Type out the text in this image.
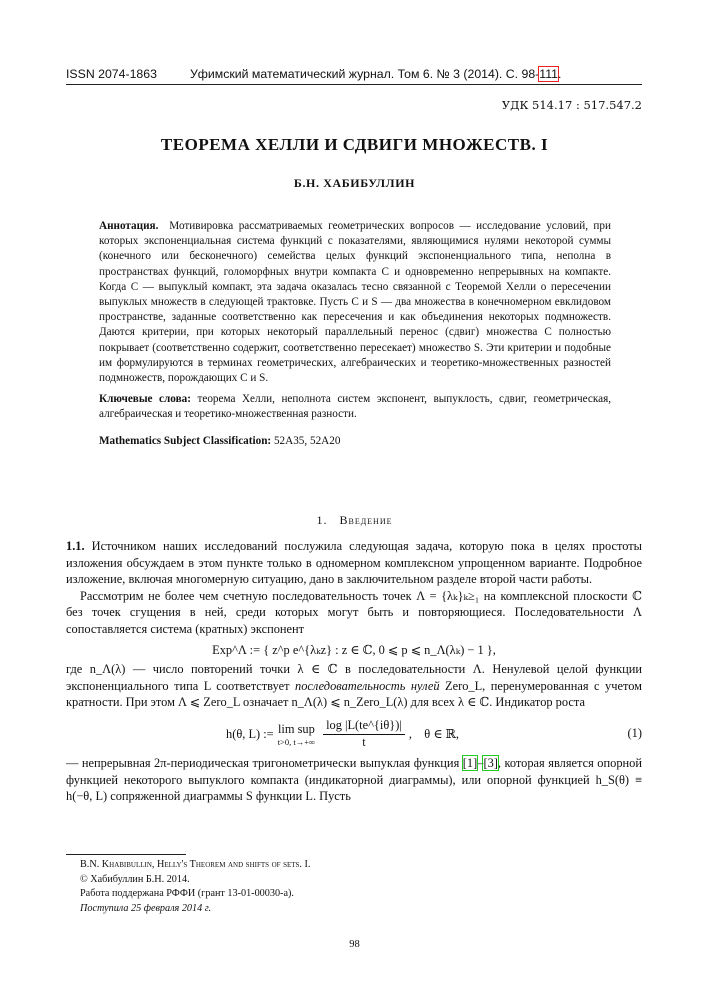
ISSN 2074-1863	Уфимский математический журнал. Том 6. № 3 (2014). С. 98-111.
УДК 514.17 : 517.547.2
ТЕОРЕМА ХЕЛЛИ И СДВИГИ МНОЖЕСТВ. I
Б.Н. ХАБИБУЛЛИН

Аннотация. Мотивировка рассматриваемых геометрических вопросов — исследование условий, при которых экспоненциальная система функций с показателями, являющимися нулями некоторой суммы (конечного или бесконечного) семейства целых функций экспоненциального типа, неполна в пространствах функций, голоморфных внутри компакта C и одновременно непрерывных на компакте. Когда C — выпуклый компакт, эта задача оказалась тесно связанной с Теоремой Хелли о пересечении выпуклых множеств в следующей трактовке. Пусть C и S — два множества в конечномерном евклидовом пространстве, заданные соответственно как пересечения и как объединения некоторых подмножеств. Даются критерии, при которых некоторый параллельный перенос (сдвиг) множества C полностью покрывает (соответственно содержит, соответственно пересекает) множество S. Эти критерии и подобные им формулируются в терминах геометрических, алгебраических и теоретико-множественных разностей подмножеств, порождающих C и S.

Ключевые слова: теорема Хелли, неполнота систем экспонент, выпуклость, сдвиг, геометрическая, алгебраическая и теоретико-множественная разности.

Mathematics Subject Classification: 52A35, 52A20

1. Введение

1.1. Источником наших исследований послужила следующая задача, которую пока в целях простоты изложения обсуждаем в этом пункте только в одномерном комплексном упрощенном варианте. Подробное изложение, включая многомерную ситуацию, дано в заключительном разделе второй части работы.

Рассмотрим не более чем счетную последовательность точек Λ = {λₖ}ₖ≥₁ на комплексной плоскости ℂ без точек сгущения в ней, среди которых могут быть и повторяющиеся. Последовательности Λ сопоставляется система (кратных) экспонент

Exp^Λ := { z^p e^{λₖz} : z ∈ ℂ, 0 ⩽ p ⩽ n_Λ(λₖ) − 1 },

где n_Λ(λ) — число повторений точки λ ∈ ℂ в последовательности Λ. Ненулевой целой функции экспоненциального типа L соответствует последовательность нулей Zero_L, перенумерованная с учетом кратности. При этом Λ ⩽ Zero_L означает n_Λ(λ) ⩽ n_Zero_L(λ) для всех λ ∈ ℂ. Индикатор роста

h(θ, L) := lim sup
t>0, $t\to+\infty \frac{\log |L(te\^{}\{i\theta\})|}{t}$ ,    θ ∈ ℝ,	(1)

— непрерывная 2π-периодическая тригонометрически выпуклая функция [1]–[3], которая является опорной функцией некоторого выпуклого компакта (индикаторной диаграммы), или опорной функцией h_S(θ) ≡ h(−θ, L) сопряженной диаграммы S функции L. Пусть

B.N. Khabibullin, Helly's Theorem and shifts of sets. I.

© Хабибуллин Б.Н. 2014.

Работа поддержана РФФИ (грант 13-01-00030-а).

Поступила 25 февраля 2014 г.

98
